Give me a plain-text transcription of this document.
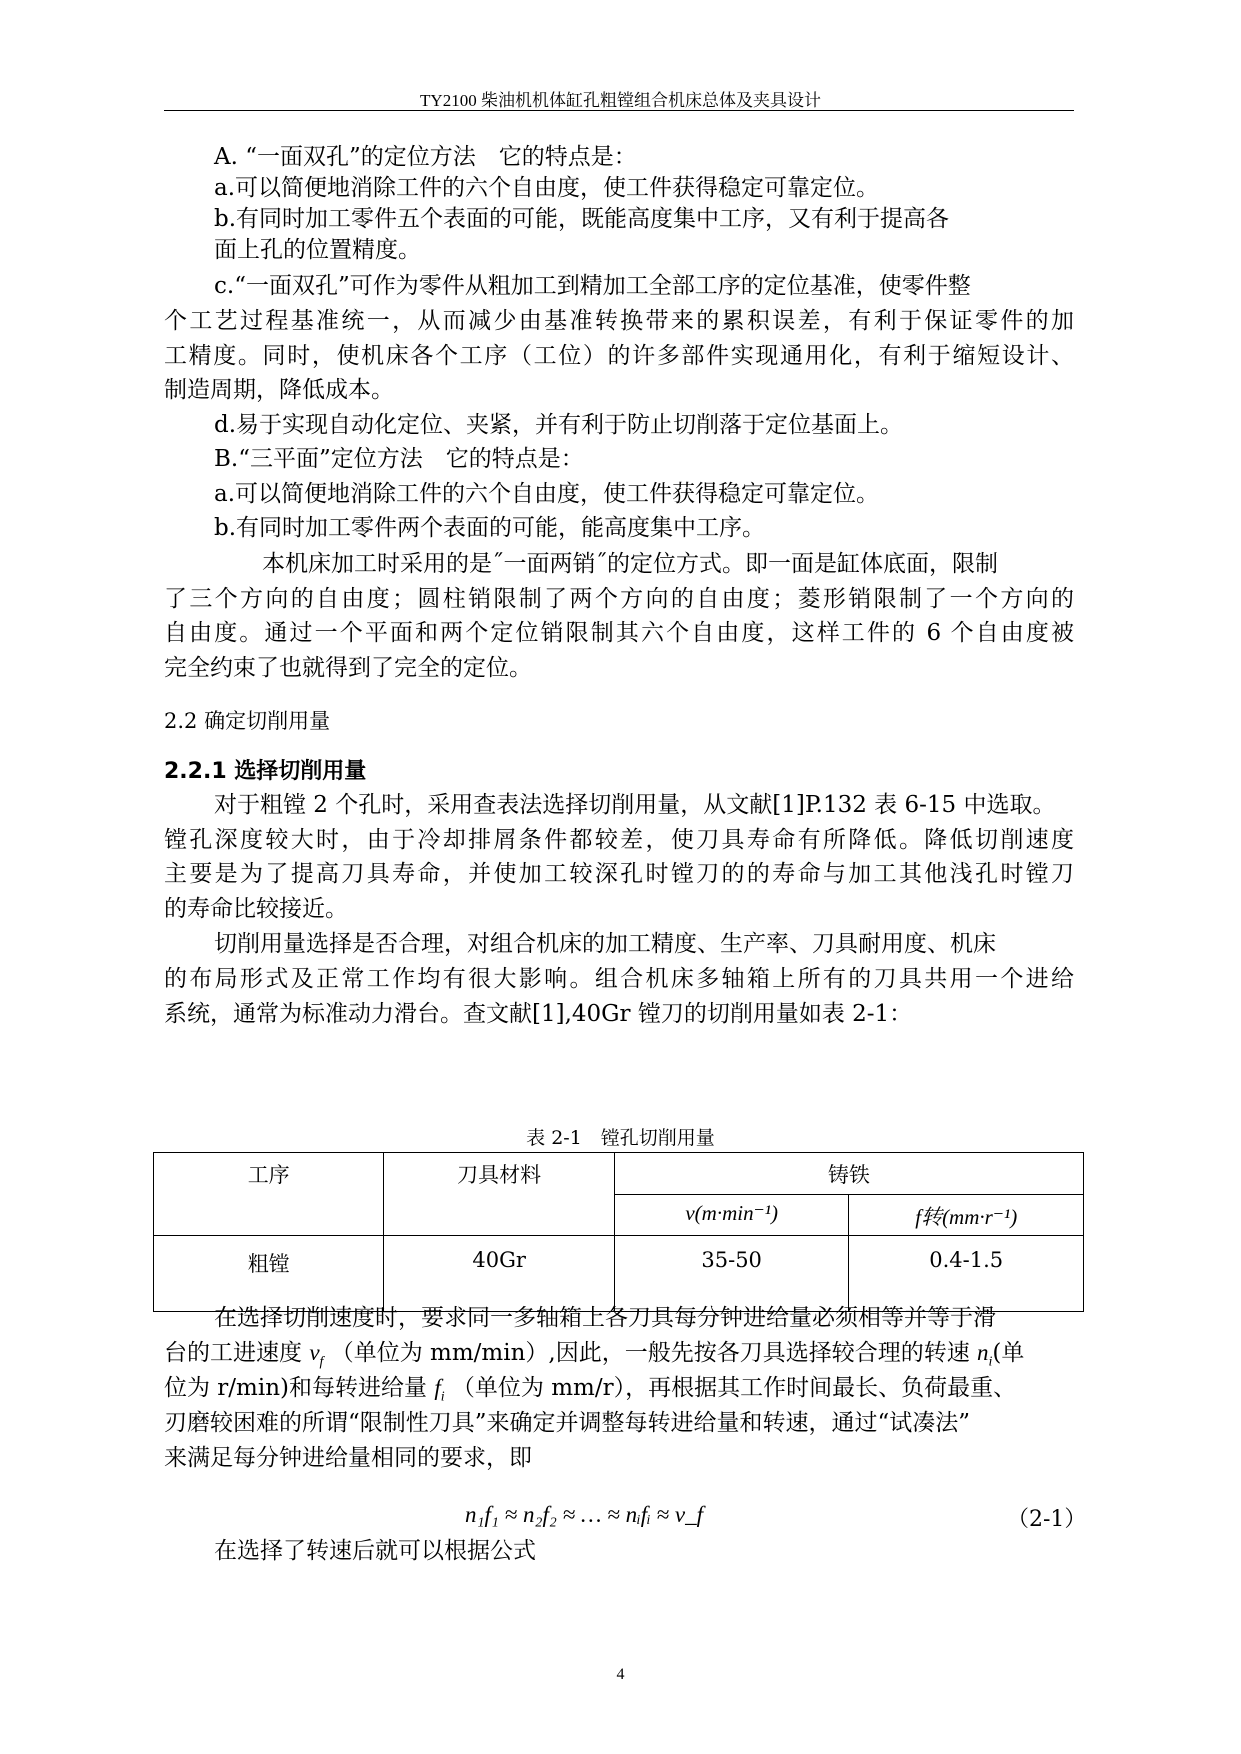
TY2100 柴油机机体缸孔粗镗组合机床总体及夹具设计
A. “一面双孔”的定位方法　它的特点是：
a.可以简便地消除工件的六个自由度，使工件获得稳定可靠定位。
b.有同时加工零件五个表面的可能，既能高度集中工序，又有利于提高各
面上孔的位置精度。
c.“一面双孔”可作为零件从粗加工到精加工全部工序的定位基准，使零件整
个工艺过程基准统一，从而减少由基准转换带来的累积误差，有利于保证零件的加
工精度。同时，使机床各个工序（工位）的许多部件实现通用化，有利于缩短设计、
制造周期，降低成本。
d.易于实现自动化定位、夹紧，并有利于防止切削落于定位基面上。
B.“三平面”定位方法　它的特点是：
a.可以简便地消除工件的六个自由度，使工件获得稳定可靠定位。
b.有同时加工零件两个表面的可能，能高度集中工序。
本机床加工时采用的是˝一面两销˝的定位方式。即一面是缸体底面，限制
了三个方向的自由度；圆柱销限制了两个方向的自由度；菱形销限制了一个方向的
自由度。通过一个平面和两个定位销限制其六个自由度，这样工件的 6 个自由度被
完全约束了也就得到了完全的定位。
2.2 确定切削用量
2.2.1 选择切削用量
对于粗镗 2 个孔时，采用查表法选择切削用量，从文献[1]P.132 表 6-15 中选取。
镗孔深度较大时，由于冷却排屑条件都较差，使刀具寿命有所降低。降低切削速度
主要是为了提高刀具寿命，并使加工较深孔时镗刀的的寿命与加工其他浅孔时镗刀
的寿命比较接近。
切削用量选择是否合理，对组合机床的加工精度、生产率、刀具耐用度、机床
的布局形式及正常工作均有很大影响。组合机床多轴箱上所有的刀具共用一个进给
系统，通常为标准动力滑台。查文献[1],40Gr 镗刀的切削用量如表 2-1：
表 2-1　镗孔切削用量
工序	刀具材料	铸铁	
		v(m·min⁻¹)	f转(mm·r⁻¹)
粗镗	40Gr	35-50	0.4-1.5
在选择切削速度时，要求同一多轴箱上各刀具每分钟进给量必须相等并等于滑
台的工进速度 $v_f$ （单位为 mm/min）,因此，一般先按各刀具选择较合理的转速 $n_i$(单
位为 r/min)和每转进给量 $f_i$ （单位为 mm/r），再根据其工作时间最长、负荷最重、
刃磨较困难的所谓“限制性刀具”来确定并调整每转进给量和转速，通过“试凑法”
来满足每分钟进给量相同的要求，即
n₁f₁ ≈ n₂f₂ ≈ … ≈ nᵢfᵢ ≈ v_f	（2-1）
在选择了转速后就可以根据公式
4
